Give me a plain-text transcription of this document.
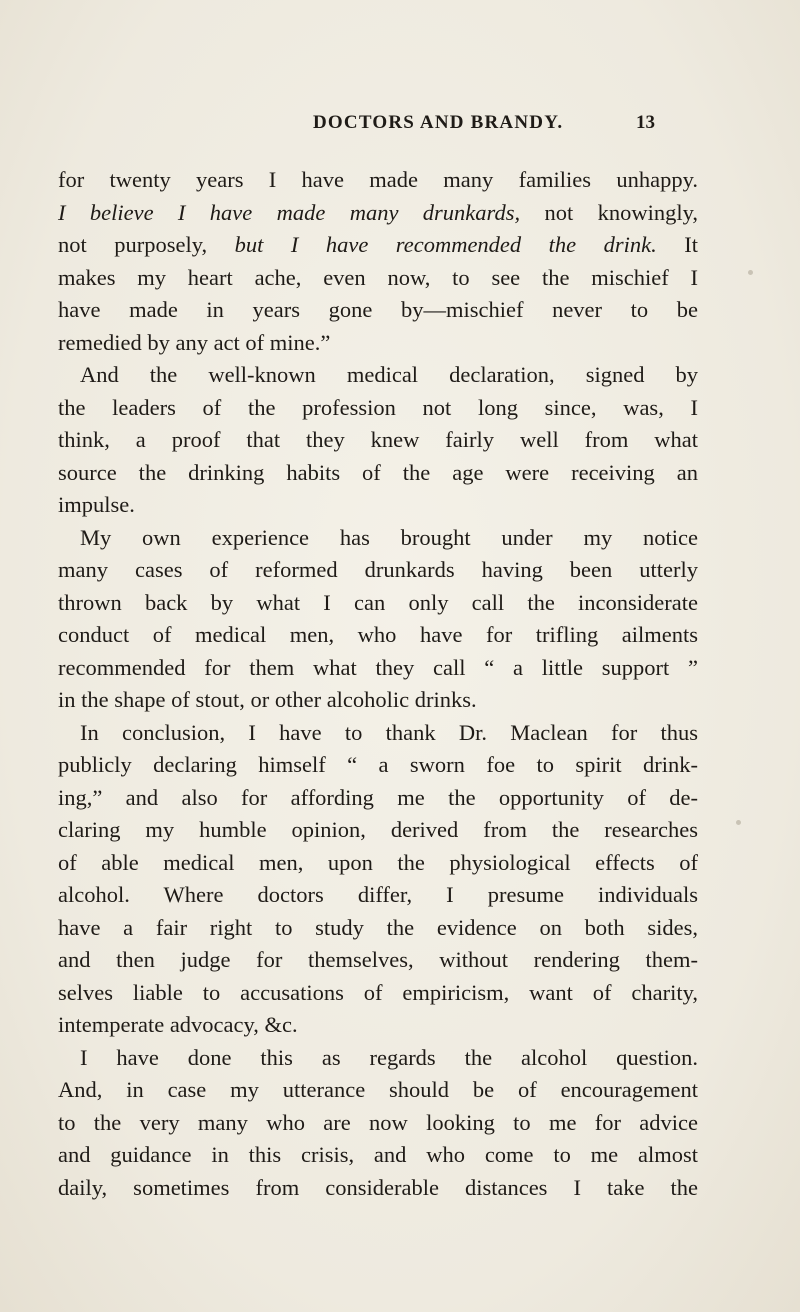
DOCTORS AND BRANDY.	13
for twenty years I have made many families unhappy.
I believe I have made many drunkards, not knowingly,
not purposely, but I have recommended the drink. It
makes my heart ache, even now, to see the mischief I
have made in years gone by—mischief never to be
remedied by any act of mine.”
And the well-known medical declaration, signed by
the leaders of the profession not long since, was, I
think, a proof that they knew fairly well from what
source the drinking habits of the age were receiving an
impulse.
My own experience has brought under my notice
many cases of reformed drunkards having been utterly
thrown back by what I can only call the inconsiderate
conduct of medical men, who have for trifling ailments
recommended for them what they call “ a little support ”
in the shape of stout, or other alcoholic drinks.
In conclusion, I have to thank Dr. Maclean for thus
publicly declaring himself “ a sworn foe to spirit drink-
ing,” and also for affording me the opportunity of de-
claring my humble opinion, derived from the researches
of able medical men, upon the physiological effects of
alcohol. Where doctors differ, I presume individuals
have a fair right to study the evidence on both sides,
and then judge for themselves, without rendering them-
selves liable to accusations of empiricism, want of charity,
intemperate advocacy, &c.
I have done this as regards the alcohol question.
And, in case my utterance should be of encouragement
to the very many who are now looking to me for advice
and guidance in this crisis, and who come to me almost
daily, sometimes from considerable distances I take the
